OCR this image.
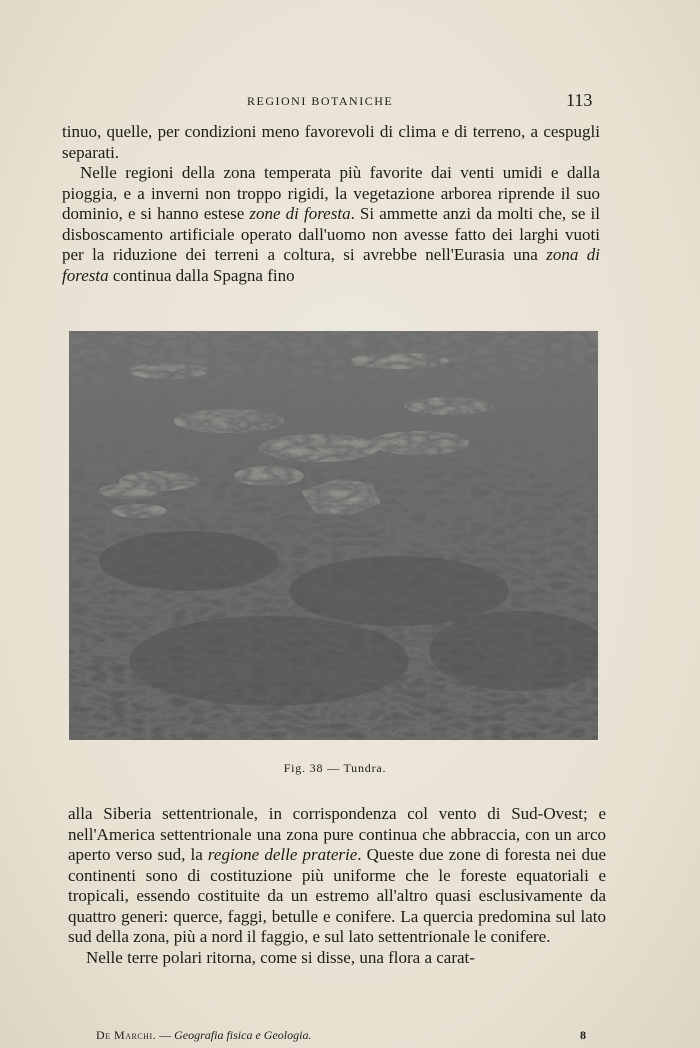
REGIONI BOTANICHE	113

tinuo, quelle, per condizioni meno favorevoli di clima e di terreno, a cespugli separati.

Nelle regioni della zona temperata più favorite dai venti umidi e dalla pioggia, e a inverni non troppo rigidi, la vegetazione arborea riprende il suo dominio, e si hanno estese zone di foresta. Si ammette anzi da molti che, se il disboscamento artificiale operato dall'uomo non avesse fatto dei larghi vuoti per la riduzione dei terreni a coltura, si avrebbe nell'Eurasia una zona di foresta continua dalla Spagna fino

Fig. 38 — Tundra.

alla Siberia settentrionale, in corrispondenza col vento di Sud-Ovest; e nell'America settentrionale una zona pure continua che abbraccia, con un arco aperto verso sud, la regione delle praterie. Queste due zone di foresta nei due continenti sono di costituzione più uniforme che le foreste equatoriali e tropicali, essendo costituite da un estremo all'altro quasi esclusivamente da quattro generi: querce, faggi, betulle e conifere. La quercia predomina sul lato sud della zona, più a nord il faggio, e sul lato settentrionale le conifere.

Nelle terre polari ritorna, come si disse, una flora a carat-

De Marchi. — Geografia fisica e Geologia.	8
